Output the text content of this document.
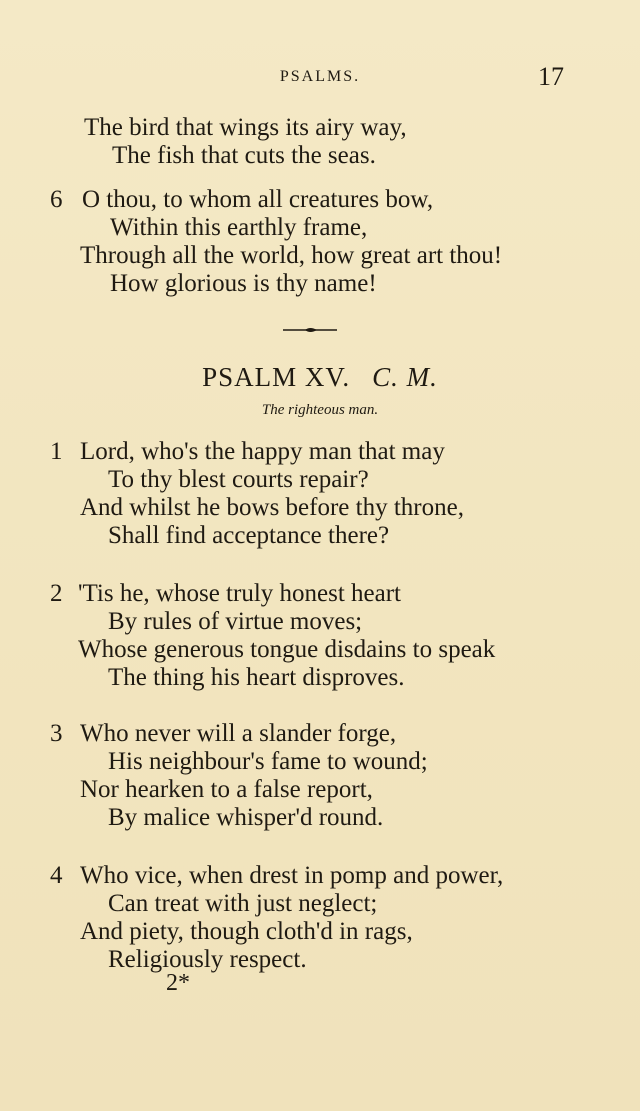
PSALMS.	17
The bird that wings its airy way,
The fish that cuts the seas.
6 O thou, to whom all creatures bow,
Within this earthly frame,
Through all the world, how great art thou!
How glorious is thy name!
PSALM XV. C. M.
The righteous man.
1 Lord, who's the happy man that may
To thy blest courts repair?
And whilst he bows before thy throne,
Shall find acceptance there?
2 'Tis he, whose truly honest heart
By rules of virtue moves;
Whose generous tongue disdains to speak
The thing his heart disproves.
3 Who never will a slander forge,
His neighbour's fame to wound;
Nor hearken to a false report,
By malice whisper'd round.
4 Who vice, when drest in pomp and power,
Can treat with just neglect;
And piety, though cloth'd in rags,
Religiously respect.
2*
